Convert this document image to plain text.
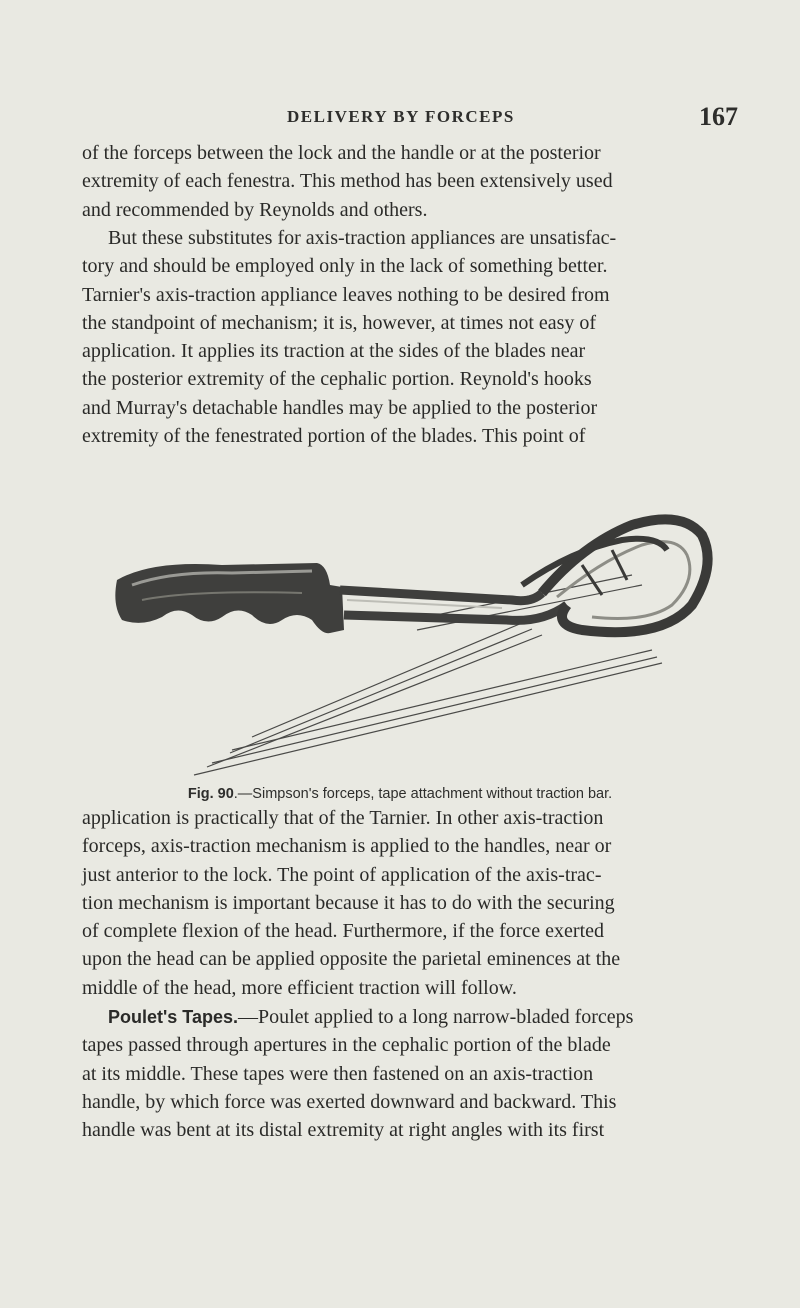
DELIVERY BY FORCEPS	167

of the forceps between the lock and the handle or at the posterior
extremity of each fenestra. This method has been extensively used
and recommended by Reynolds and others.

But these substitutes for axis-traction appliances are unsatisfac-
tory and should be employed only in the lack of something better.
Tarnier's axis-traction appliance leaves nothing to be desired from
the standpoint of mechanism; it is, however, at times not easy of
application. It applies its traction at the sides of the blades near
the posterior extremity of the cephalic portion. Reynold's hooks
and Murray's detachable handles may be applied to the posterior
extremity of the fenestrated portion of the blades. This point of

Fig. 90.—Simpson's forceps, tape attachment without traction bar.

application is practically that of the Tarnier. In other axis-traction
forceps, axis-traction mechanism is applied to the handles, near or
just anterior to the lock. The point of application of the axis-trac-
tion mechanism is important because it has to do with the securing
of complete flexion of the head. Furthermore, if the force exerted
upon the head can be applied opposite the parietal eminences at the
middle of the head, more efficient traction will follow.

Poulet's Tapes.—Poulet applied to a long narrow-bladed forceps
tapes passed through apertures in the cephalic portion of the blade
at its middle. These tapes were then fastened on an axis-traction
handle, by which force was exerted downward and backward. This
handle was bent at its distal extremity at right angles with its first
